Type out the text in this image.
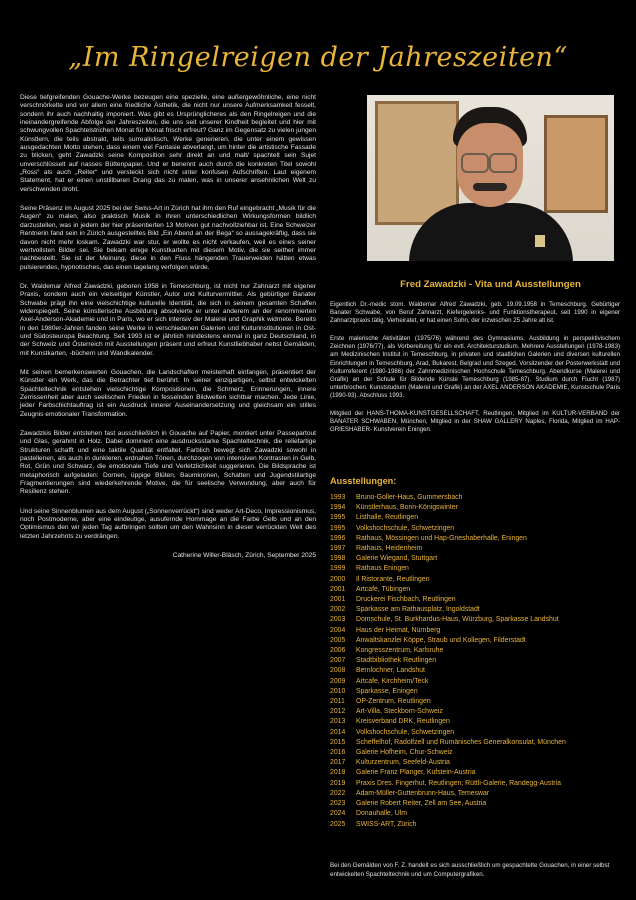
„Im Ringelreigen der Jahreszeiten“

Diese tiefgreifenden Gouache-Werke bezeugen eine spezielle, eine außergewöhnliche, eine nicht verschnörkelte und vor allem eine friedliche Ästhetik, die nicht nur unsere Aufmerksamkeit fesselt, sondern ihr auch nachhaltig imponiert. Was gibt es Ursprünglicheres als den Ringelreigen und die ineinandergreifende Abfolge der Jahreszeiten, die uns seit unserer Kindheit begleitet und hier mit schwungvollen Spachtelstrichen Monat für Monat frisch erfreut? Ganz im Gegensatz zu vielen jungen Künstlern, die teils abstrakt, teils surrealistisch, Werke generieren, die unter einem gewissen ausgedachten Motto stehen, dass einem viel Fantasie abverlangt, um hinter die artistische Fassade zu blicken, geht Zawadzki seine Komposition sehr direkt an und malt/ spachtelt sein Sujet unverschlüsselt auf nasses Büttenpapier. Und er benennt auch durch die konkreten Titel sowohl „Ross“ als auch „Reiter“ und versteckt sich nicht unter konfusen Aufschriften. Laut eigenem Statement, hat er einen unstillbaren Drang das zu malen, was in unserer ansehnlichen Welt zu verschwinden droht.

Seine Präsenz im August 2025 bei der Swiss-Art in Zürich hat ihm den Ruf eingebracht „Musik für die Augen“ zu malen, also praktisch Musik in ihren unterschiedlichen Wirkungsformen bildlich darzustellen, was in jedem der hier präsentierten 13 Motiven gut nachvollziehbar ist. Eine Schweizer Rentnerin fand sein in Zürich ausgestelltes Bild „Ein Abend an der Bega“ so aussagekräftig, dass sie davon nicht mehr loskam. Zawadzki war stur, er wollte es nicht verkaufen, weil es eines seiner wertvollsten Bilder sei. Sie bekam einige Kunstkarten mit diesem Motiv, die sie seither immer nachbestellt. Sie ist der Meinung, diese in den Fluss hängenden Trauerweiden hätten etwas pulsierendes, hypnotisches, das einen tagelang verfolgen würde.

Dr. Waldemar Alfred Zawadzki, geboren 1958 in Temeschburg, ist nicht nur Zahnarzt mit eigener Praxis, sondern auch ein vielseitiger Künstler, Autor und Kulturvermittler. Als gebürtiger Banater Schwabe prägt ihn eine vielschichtige kulturelle Identität, die sich in seinem gesamten Schaffen widerspiegelt. Seine künstlerische Ausbildung absolvierte er unter anderem an der renommierten Axel-Anderson-Akademie und in Paris, wo er sich intensiv der Malerei und Graphik widmete. Bereits in den 1980er-Jahren fanden seine Werke in verschiedenen Galerien und Kulturinstitutionen in Ost- und Südosteuropa Beachtung. Seit 1993 ist er jährlich mindestens einmal in ganz Deutschland, in der Schweiz und Österreich mit Ausstellungen präsent und erfreut Kunstliebhaber nebst Gemälden, mit Kunstkarten, -büchern und Wandkalender.

Mit seinen bemerkenswerten Gouachen, die Landschaften meisterhaft einfangen, präsentiert der Künstler ein Werk, das die Betrachter tief berührt. In seiner einzigartigen, selbst entwickelten Spachteltechnik entstehen vielschichtige Kompositionen, die Schmerz, Erinnerungen, innere Zerrissenheit aber auch seelischen Frieden in fesselnden Bildwelten sichtbar machen. Jede Linie, jeder Farbschichtauftrag ist ein Ausdruck innerer Auseinandersetzung und gleichsam ein stilles Zeugnis emotionaler Transformation.

Zawadzkis Bilder entstehen fast ausschließlich in Gouache auf Papier, montiert unter Passepartout und Glas, gerahmt in Holz. Dabei dominiert eine ausdrucksstarke Spachteltechnik, die reliefartige Strukturen schafft und eine taktile Qualität entfaltet. Farblich bewegt sich Zawadzki sowohl in pastellenen, als auch in dunkleren, erdnahen Tönen, durchzogen von intensiven Kontrasten in Gelb, Rot, Grün und Schwarz, die emotionale Tiefe und Verletzlichkeit suggerieren. Die Bildsprache ist metaphorisch aufgeladen: Dornen, üppige Blüten, Baumkronen, Schatten und Jugendstilartige Fragmentierungen sind wiederkehrende Motive, die für seelische Verwundung, aber auch für Resilienz stehen.

Und seine Sinnenblumen aus dem August („Sonnenverrückt“) sind weder Art-Deco, Impressionismus, noch Postmoderne, aber eine eindeutige, ausufernde Hommage an die Farbe Gelb und an den Optimismus den wir jeden Tag aufbringen sollten um den Wahnsinn in dieser verrückten Welt des letzten Jahrzehnts zu verdrängen.

Catherine Willer-Bläsch, Zürich, September 2025

Fred Zawadzki - Vita und Ausstellungen

Eigentlich Dr.-medic stom. Waldemar Alfred Zawadzki, geb. 19.09.1958 in Temeschburg. Gebürtiger Banater Schwabe, von Beruf Zahnarzt, Kiefergelenks- und Funktionstherapeut, seit 1990 in eigener Zahnarztpraxis tätig. Verheiratet, er hat einen Sohn, der inzwischen 25 Jahre alt ist.

Erste malerische Aktivitäten (1975/76) während des Gymnasiums. Ausbildung in perspektivischem Zeichnen (1976/77), als Vorbereitung für ein evtl. Architekturstudium. Mehrere Ausstellungen (1978-1983) am Medizinischen Institut in Temeschburg, in privaten und staatlichen Galerien und diversen kulturellen Einrichtungen in Temeschburg, Arad, Bukarest, Belgrad und Szeged. Vorsitzender der Posterwerkstatt und Kulturreferent (1980-1986) der Zahnmedizinischen Hochschule Temeschburg. Abendkurse (Malerei und Grafik) an der Schule für Bildende Künste Temeschburg (1985-87). Studium durch Flucht (1987) unterbrochen. Kunststudium (Malerei und Grafik) an der AXEL ANDERSON AKADEMIE, Kunstschule Paris (1990-93). Abschluss 1993.

Mitglied der HANS-THOMA-KUNSTGESELLSCHAFT, Reutlingen, Mitglied im KULTUR-VERBAND der BANATER SCHWABEN, München, Mitglied in der SHAW GALLERY Naples, Florida, Mitglied im HAP-GRIESHABER- Kunstverein Eningen.

Ausstellungen:
1993	Bruno-Goller-Haus, Gummersbach
1994	Künstlerhaus, Bonn-Königswinter
1995	Listhalle, Reutlingen
1995	Volkshochschule, Schwetzingen
1996	Rathaus, Mössingen und Hap-Grieshaberhalle, Eningen
1997	Rathaus, Heidenheim
1998	Galerie Wiegand, Stuttgart
1999	Rathaus Eningen
2000	Il Ristorante, Reutlingen
2001	Artcafe, Tübingen
2001	Druckerei Fischbach, Reutlingen
2002	Sparkasse am Rathausplatz, Ingoldstadt
2003	Domschule, St. Burkhardus-Haus, Würzburg, Sparkasse Landshut
2004	Haus der Heimat, Nürnberg
2005	Anwaltskanzlei Köppe, Straub und Kollegen, Filderstadt
2006	Kongresszentrum, Karlsruhe
2007	Stadtbibliothek Reutlingen
2008	Bernlochner, Landshut
2009	Artcafe, Kirchheim/Teck
2010	Sparkasse, Eningen
2011	OP-Zentrum, Reutlingen
2012	Art-Villa, Steckborn-Schweiz
2013	Kreisverband DRK, Reutlingen
2014	Volkshochschule, Schwetzingen
2015	Scheffelhof, Radolfzell und Rumänisches Generalkonsulat, München
2016	Galerie Hofheim, Chur-Schweiz
2017	Kulturzentrum, Seefeld-Austria
2018	Galerie Franz Planger, Kufstein-Austria
2019	Praxis Dres. Fingerhut, Reutlingen; Rüttli-Galerie, Randegg-Austria
2022	Adam-Müller-Guttenbrunn-Haus, Temeswar
2023	Galerie Robert Reiter, Zell am See, Austria
2024	Donauhalle, Ulm
2025	SWISS-ART, Zürich
Bei den Gemälden von F. Z. handelt es sich ausschließlich um gespachtelte Gouachen, in einer selbst entwickelten Spachteltechnik und um Computergrafiken.
